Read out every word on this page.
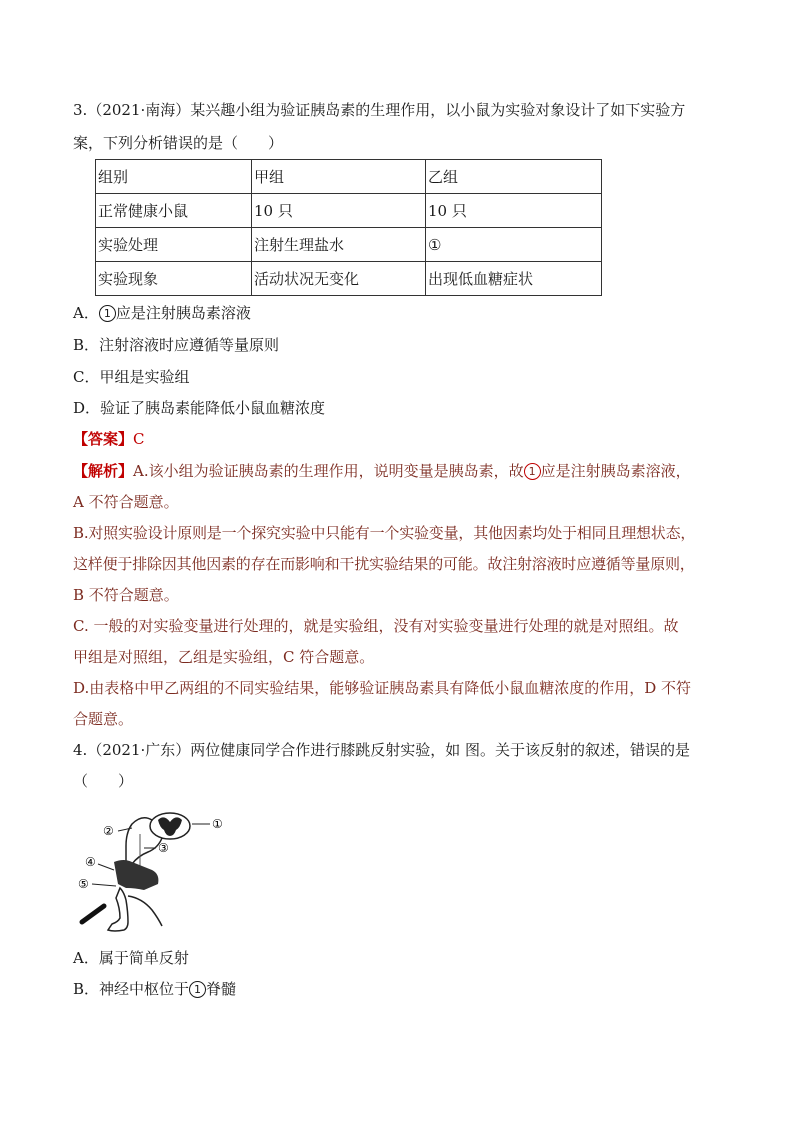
3.（2021·南海）某兴趣小组为验证胰岛素的生理作用，以小鼠为实验对象设计了如下实验方
案，下列分析错误的是（　　）
组别	甲组	乙组
正常健康小鼠	10 只	10 只
实验处理	注射生理盐水	①
实验现象	活动状况无变化	出现低血糖症状
A． 1 应是注射胰岛素溶液
B．注射溶液时应遵循等量原则
C．甲组是实验组
D．验证了胰岛素能降低小鼠血糖浓度
【答案】C
【解析】A.该小组为验证胰岛素的生理作用，说明变量是胰岛素，故 1 应是注射胰岛素溶液，
A 不符合题意。
B.对照实验设计原则是一个探究实验中只能有一个实验变量，其他因素均处于相同且理想状态，
这样便于排除因其他因素的存在而影响和干扰实验结果的可能。故注射溶液时应遵循等量原则，
B 不符合题意。
C. 一般的对实验变量进行处理的，就是实验组，没有对实验变量进行处理的就是对照组。故
甲组是对照组，乙组是实验组，C 符合题意。
D.由表格中甲乙两组的不同实验结果，能够验证胰岛素具有降低小鼠血糖浓度的作用，D 不符
合题意。
4.（2021·广东）两位健康同学合作进行膝跳反射实验，如 图。关于该反射的叙述，错误的是
（　　）
①
②
③
④
⑤
A．属于简单反射
B．神经中枢位于 1 脊髓
